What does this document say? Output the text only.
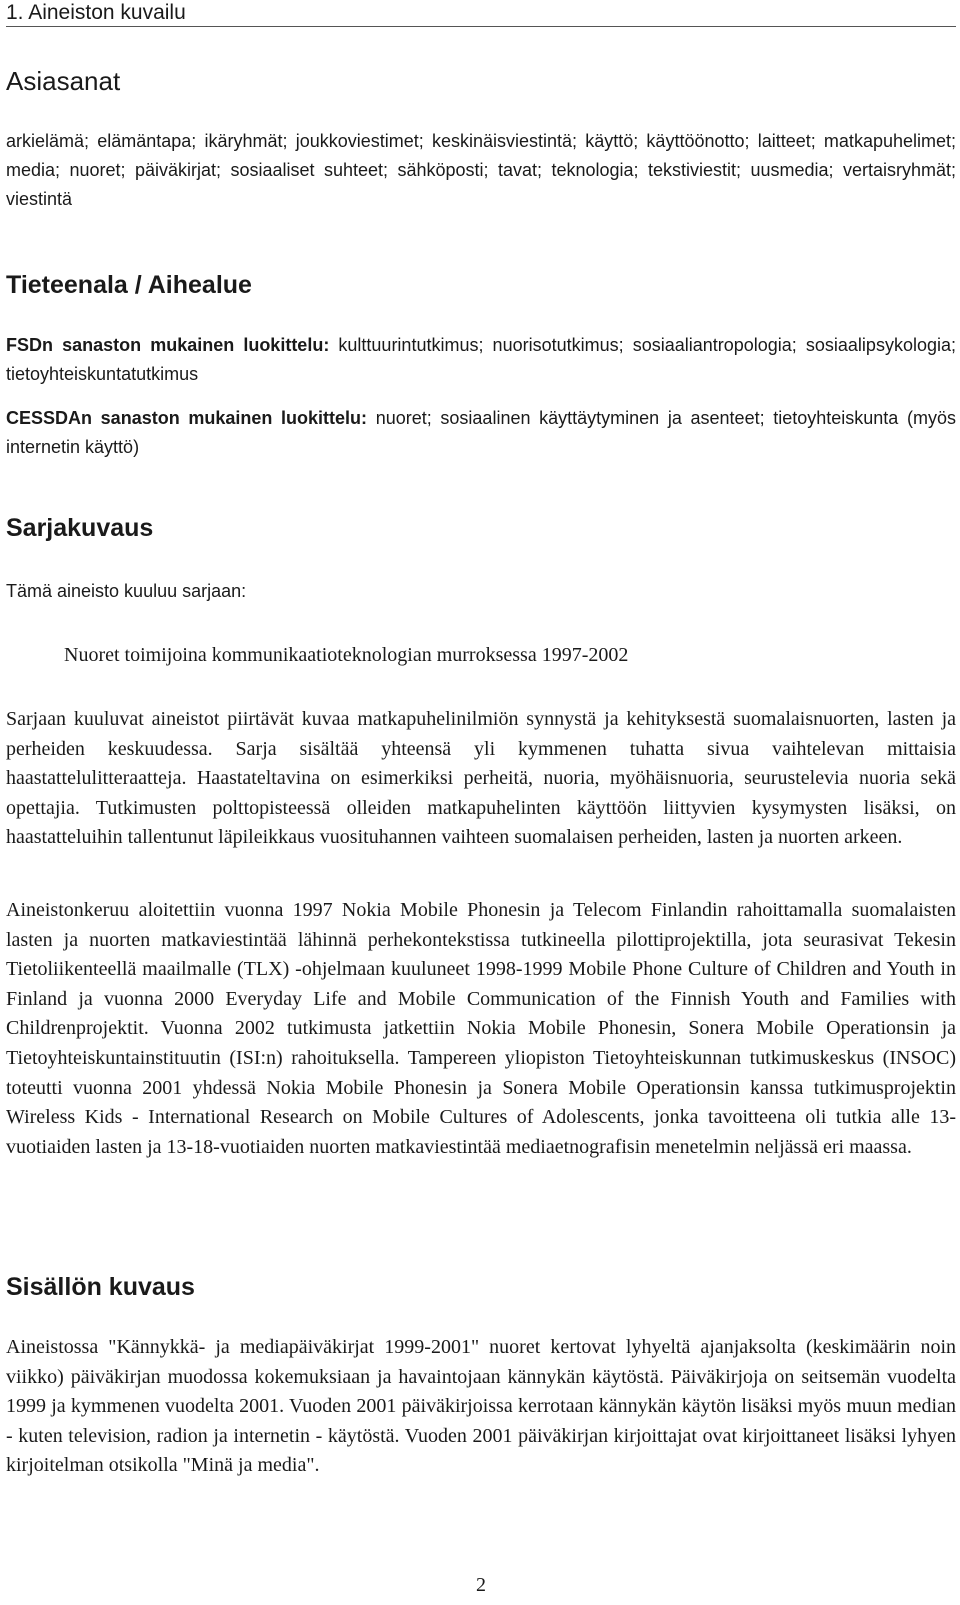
1. Aineiston kuvailu
Asiasanat

arkielämä; elämäntapa; ikäryhmät; joukkoviestimet; keskinäisviestintä; käyttö; käyttöönotto; laitteet; matkapuhelimet; media; nuoret; päiväkirjat; sosiaaliset suhteet; sähköposti; tavat; teknologia; tekstiviestit; uusmedia; vertaisryhmät; viestintä

Tieteenala / Aihealue

FSDn sanaston mukainen luokittelu: kulttuurintutkimus; nuorisotutkimus; sosiaaliantropologia; sosiaalipsykologia; tietoyhteiskuntatutkimus

CESSDAn sanaston mukainen luokittelu: nuoret; sosiaalinen käyttäytyminen ja asenteet; tietoyhteiskunta (myös internetin käyttö)

Sarjakuvaus

Tämä aineisto kuuluu sarjaan:

Nuoret toimijoina kommunikaatioteknologian murroksessa 1997-2002

Sarjaan kuuluvat aineistot piirtävät kuvaa matkapuhelinilmiön synnystä ja kehityksestä suomalaisnuorten, lasten ja perheiden keskuudessa. Sarja sisältää yhteensä yli kymmenen tuhatta sivua vaihtelevan mittaisia haastattelulitteraatteja. Haastateltavina on esimerkiksi perheitä, nuoria, myöhäisnuoria, seurustelevia nuoria sekä opettajia. Tutkimusten polttopisteessä olleiden matkapuhelinten käyttöön liittyvien kysymysten lisäksi, on haastatteluihin tallentunut läpileikkaus vuosituhannen vaihteen suomalaisen perheiden, lasten ja nuorten arkeen.

Aineistonkeruu aloitettiin vuonna 1997 Nokia Mobile Phonesin ja Telecom Finlandin rahoittamalla suomalaisten lasten ja nuorten matkaviestintää lähinnä perhekontekstissa tutkineella pilottiprojektilla, jota seurasivat Tekesin Tietoliikenteellä maailmalle (TLX) -ohjelmaan kuuluneet 1998-1999 Mobile Phone Culture of Children and Youth in Finland ja vuonna 2000 Everyday Life and Mobile Communication of the Finnish Youth and Families with Childrenprojektit. Vuonna 2002 tutkimusta jatkettiin Nokia Mobile Phonesin, Sonera Mobile Operationsin ja Tietoyhteiskuntainstituutin (ISI:n) rahoituksella. Tampereen yliopiston Tietoyhteiskunnan tutkimuskeskus (INSOC) toteutti vuonna 2001 yhdessä Nokia Mobile Phonesin ja Sonera Mobile Operationsin kanssa tutkimusprojektin Wireless Kids - International Research on Mobile Cultures of Adolescents, jonka tavoitteena oli tutkia alle 13-vuotiaiden lasten ja 13-18-vuotiaiden nuorten matkaviestintää mediaetnografisin menetelmin neljässä eri maassa.

Sisällön kuvaus

Aineistossa "Kännykkä- ja mediapäiväkirjat 1999-2001" nuoret kertovat lyhyeltä ajanjaksolta (keskimäärin noin viikko) päiväkirjan muodossa kokemuksiaan ja havaintojaan kännykän käytöstä. Päiväkirjoja on seitsemän vuodelta 1999 ja kymmenen vuodelta 2001. Vuoden 2001 päiväkirjoissa kerrotaan kännykän käytön lisäksi myös muun median - kuten television, radion ja internetin - käytöstä. Vuoden 2001 päiväkirjan kirjoittajat ovat kirjoittaneet lisäksi lyhyen kirjoitelman otsikolla "Minä ja media".

2
